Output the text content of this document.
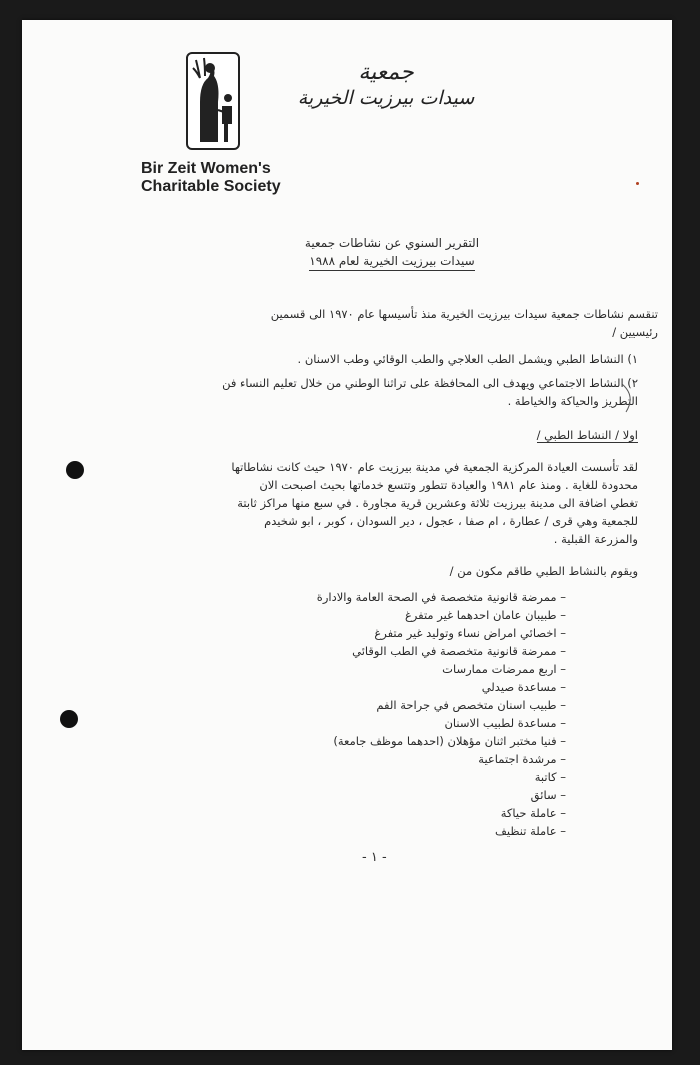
جمعية
سيدات بيرزيت الخيرية
Bir Zeit Women's
Charitable Society
التقرير السنوي عن نشاطات جمعية
سيدات بيرزيت الخيرية لعام ١٩٨٨
تنقسم نشاطات جمعية سيدات بيرزيت الخيرية منذ تأسيسها عام ١٩٧٠ الى قسمين
رئيسيين /
١) النشاط الطبي ويشمل الطب العلاجي والطب الوقائي وطب الاسنان .
٢) النشاط الاجتماعي ويهدف الى المحافظة على تراثنا الوطني من خلال تعليم النساء فن
التطريز والحياكة والخياطة .
اولا / النشاط الطبي /
لقد تأسست العيادة المركزية الجمعية في مدينة بيرزيت عام ١٩٧٠ حيث كانت نشاطاتها
محدودة للغاية . ومنذ عام ١٩٨١ والعيادة تتطور وتتسع خدماتها بحيث اصبحت الان
تغطي اضافة الى مدينة بيرزيت ثلاثة وعشرين قرية مجاورة . في سبع منها مراكز ثابتة
للجمعية وهي قرى / عطارة ، ام صفا ، عجول ، دير السودان ، كوبر ، ابو شخيدم
والمزرعة القبلية .
ويقوم بالنشاط الطبي طاقم مكون من /
– ممرضة قانونية متخصصة في الصحة العامة والادارة
– طبيبان عامان احدهما غير متفرغ
– اخصائي امراض نساء وتوليد غير متفرغ
– ممرضة قانونية متخصصة في الطب الوقائي
– اربع ممرضات ممارسات
– مساعدة صيدلي
– طبيب اسنان متخصص في جراحة الفم
– مساعدة لطبيب الاسنان
– فنيا مختبر اثنان مؤهلان (احدهما موظف جامعة)
– مرشدة اجتماعية
– كاتبة
– سائق
– عاملة حياكة
– عاملة تنظيف
- ١ -
